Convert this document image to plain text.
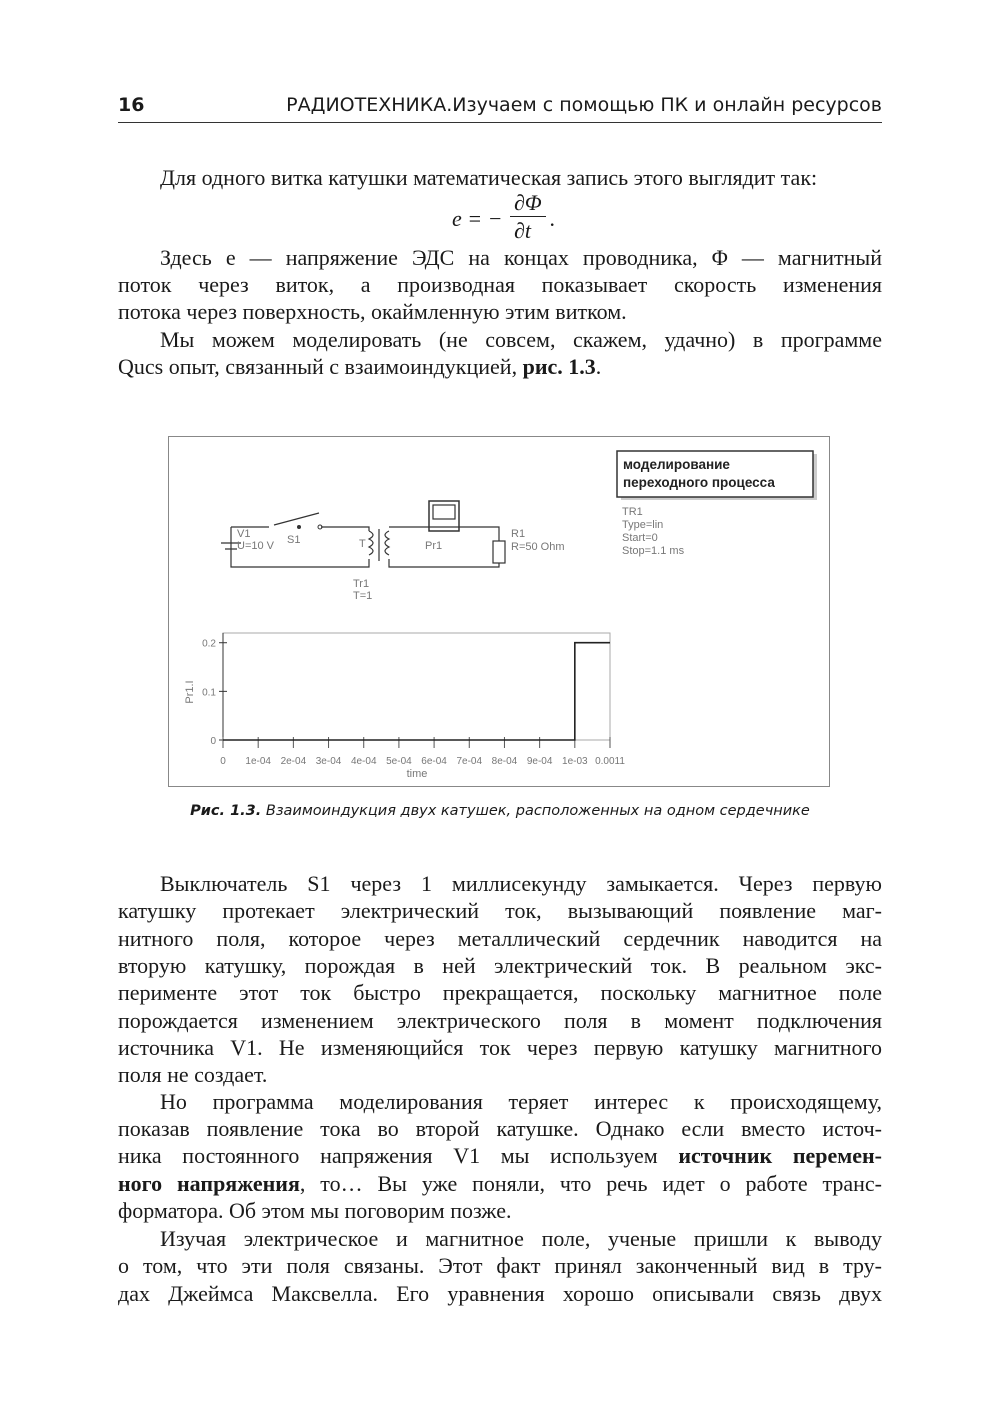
16	РАДИОТЕХНИКА.Изучаем с помощью ПК и онлайн ресурсов
Для одного витка катушки математическая запись этого выглядит так:
e = −
∂Φ
∂t .
Здесь e — напряжение ЭДС на концах проводника, Φ — магнитный
поток через виток, а производная показывает скорость изменения
потока через поверхность, окаймленную этим витком.
Мы можем моделировать (не совсем, скажем, удачно) в программе
Qucs опыт, связанный с взаимоиндукцией, рис. 1.3.
V1
U=10 V S1	T
Tr1
T=1
Pr1
R1
R=50 Ohm
моделирование
переходного процесса
TR1
Type=lin
Start=0
Stop=1.1 ms
Pr1.I
time
0
0.1
0.2
0 1e-04 2e-04 3e-04 4e-04 5e-04 6e-04 7e-04 8e-04 9e-04 1e-03 0.0011
Рис. 1.3. Взаимоиндукция двух катушек, расположенных на одном сердечнике
Выключатель S1 через 1 миллисекунду замыкается. Через первую
катушку протекает электрический ток, вызывающий появление маг-
нитного поля, которое через металлический сердечник наводится на
вторую катушку, порождая в ней электрический ток. В реальном экс-
перименте этот ток быстро прекращается, поскольку магнитное поле
порождается изменением электрического поля в момент подключения
источника V1. Не изменяющийся ток через первую катушку магнитного
поля не создает.
Но программа моделирования теряет интерес к происходящему,
показав появление тока во второй катушке. Однако если вместо источ-
ника постоянного напряжения V1 мы используем источник перемен-
ного напряжения, то… Вы уже поняли, что речь идет о работе транс-
форматора. Об этом мы поговорим позже.
Изучая электрическое и магнитное поле, ученые пришли к выводу
о том, что эти поля связаны. Этот факт принял законченный вид в тру-
дах Джеймса Максвелла. Его уравнения хорошо описывали связь двух
